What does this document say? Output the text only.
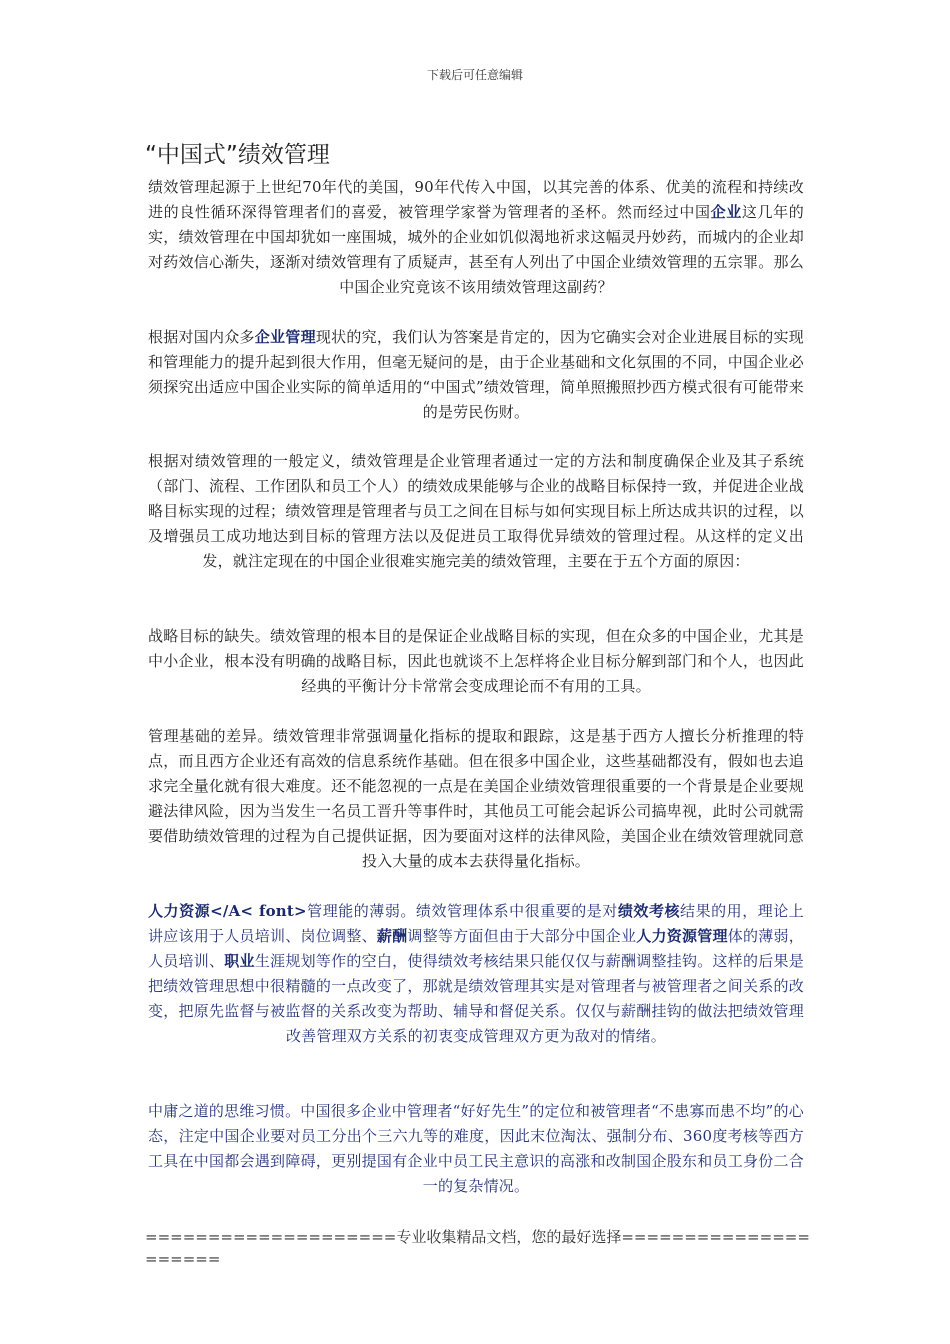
下载后可任意编辑
“中国式”绩效管理
绩效管理起源于上世纪70年代的美国，90年代传入中国，以其完善的体系、优美的流程和持续改进的良性循环深得管理者们的喜爱，被管理学家誉为管理者的圣杯。然而经过中国企业这几年的实，绩效管理在中国却犹如一座围城，城外的企业如饥似渴地祈求这幅灵丹妙药，而城内的企业却对药效信心渐失，逐渐对绩效管理有了质疑声，甚至有人列出了中国企业绩效管理的五宗罪。那么中国企业究竟该不该用绩效管理这副药？
根据对国内众多企业管理现状的究，我们认为答案是肯定的，因为它确实会对企业进展目标的实现和管理能力的提升起到很大作用，但毫无疑问的是，由于企业基础和文化氛围的不同，中国企业必须探究出适应中国企业实际的简单适用的“中国式”绩效管理，简单照搬照抄西方模式很有可能带来的是劳民伤财。
根据对绩效管理的一般定义，绩效管理是企业管理者通过一定的方法和制度确保企业及其子系统（部门、流程、工作团队和员工个人）的绩效成果能够与企业的战略目标保持一致，并促进企业战略目标实现的过程；绩效管理是管理者与员工之间在目标与如何实现目标上所达成共识的过程，以及增强员工成功地达到目标的管理方法以及促进员工取得优异绩效的管理过程。从这样的定义出发，就注定现在的中国企业很难实施完美的绩效管理，主要在于五个方面的原因：
战略目标的缺失。绩效管理的根本目的是保证企业战略目标的实现，但在众多的中国企业，尤其是中小企业，根本没有明确的战略目标，因此也就谈不上怎样将企业目标分解到部门和个人，也因此经典的平衡计分卡常常会变成理论而不有用的工具。
管理基础的差异。绩效管理非常强调量化指标的提取和跟踪，这是基于西方人擅长分析推理的特点，而且西方企业还有高效的信息系统作基础。但在很多中国企业，这些基础都没有，假如也去追求完全量化就有很大难度。还不能忽视的一点是在美国企业绩效管理很重要的一个背景是企业要规避法律风险，因为当发生一名员工晋升等事件时，其他员工可能会起诉公司搞卑视，此时公司就需要借助绩效管理的过程为自己提供证据，因为要面对这样的法律风险，美国企业在绩效管理就同意投入大量的成本去获得量化指标。
人力资源</A< font>管理能的薄弱。绩效管理体系中很重要的是对绩效考核结果的用，理论上讲应该用于人员培训、岗位调整、薪酬调整等方面但由于大部分中国企业人力资源管理体的薄弱，人员培训、职业生涯规划等作的空白，使得绩效考核结果只能仅仅与薪酬调整挂钩。这样的后果是把绩效管理思想中很精髓的一点改变了，那就是绩效管理其实是对管理者与被管理者之间关系的改变，把原先监督与被监督的关系改变为帮助、辅导和督促关系。仅仅与薪酬挂钩的做法把绩效管理改善管理双方关系的初衷变成管理双方更为敌对的情绪。
中庸之道的思维习惯。中国很多企业中管理者“好好先生”的定位和被管理者“不患寡而患不均”的心态，注定中国企业要对员工分出个三六九等的难度，因此末位淘汰、强制分布、360度考核等西方工具在中国都会遇到障碍，更别提国有企业中员工民主意识的高涨和改制国企股东和员工身份二合一的复杂情况。
====================专业收集精品文档，您的最好选择=====================
